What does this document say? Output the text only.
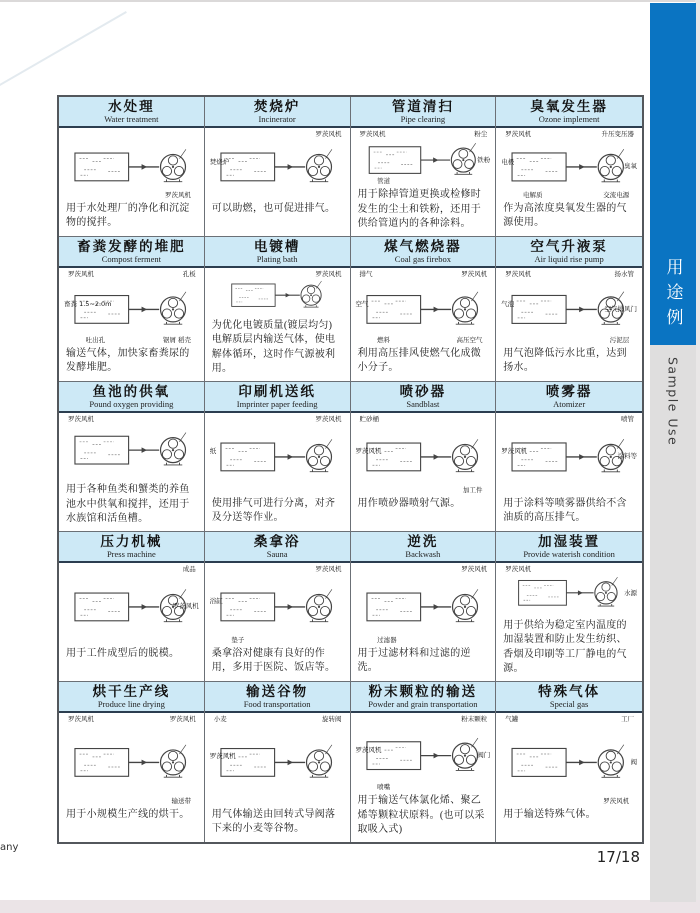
用途例
Sample Use
水处理
Water treatment
罗茨风机

用于水处理厂的净化和沉淀物的搅拌。

焚烧炉
Incinerator
罗茨风机
焚烧炉

可以助燃，也可促进排气。

管道清扫
Pipe clearing
罗茨风机	粉尘
铁粉
管道

用于除掉管道更换或检修时发生的尘土和铁粉，还用于供给管道内的各种涂料。

臭氧发生器
Ozone implement
罗茨风机	升压变压器
电极
臭氧
电解质	交流电源

作为高浓度臭氧发生器的气源使用。

畜粪发酵的堆肥
Compost ferment
罗茨风机	孔板
畜粪 1.5~2.0m
吐出孔	锯屑 稻壳

输送气体，加快家畜粪尿的发酵堆肥。

电镀槽
Plating bath
罗茨风机

为优化电镀质量(镀层均匀)电解质层内输送气体，使电解体循环，这时作气源被利用。

煤气燃烧器
Coal gas firebox
排气	罗茨风机
空气
燃料	高压空气

利用高压排风使燃气化成微小分子。

空气升液泵
Air liquid rise pump
罗茨风机	扬水管
气泡
空气排风门
污泥层

用气泡降低污水比重，达到扬水。

鱼池的供氧
Pound oxygen providing
罗茨风机

用于各种鱼类和蟹类的养鱼池水中供氧和搅拌，还用于水族馆和活鱼槽。

印刷机送纸
Imprinter paper feeding
罗茨风机
纸

使用排气可进行分离，对齐及分送等作业。

喷砂器
Sandblast
贮砂桶
罗茨风机
加工件

用作喷砂器喷射气源。

喷雾器
Atomizer
喷管
罗茨风机
涂料等

用于涂料等喷雾器供给不含油质的高压排气。

压力机械
Press machine
成品
罗茨风机

用于工件成型后的脱模。

桑拿浴
Sauna
罗茨风机
浴缸
垫子

桑拿浴对健康有良好的作用，多用于医院、饭店等。

逆洗
Backwash
罗茨风机
过滤器

用于过滤材料和过滤的逆洗。

加湿装置
Provide waterish condition
罗茨风机
水源

用于供给为稳定室内温度的加湿装置和防止发生纺织、香烟及印刷等工厂静电的气源。

烘干生产线
Produce line drying
罗茨风机	罗茨风机
输送带

用于小规模生产线的烘干。

输送谷物
Food transportation
小麦	旋转阀
罗茨风机

用气体输送由回转式导阀落下来的小麦等谷物。

粉末颗粒的输送
Powder and grain transportation
粉末颗粒
罗茨风机
阀门
喷嘴

用于输送气体氯化烯、聚乙烯等颗粒状原料。(也可以采取吸入式)

特殊气体
Special gas
气罐	工厂
阀
罗茨风机

用于输送特殊气体。

any
17/18
